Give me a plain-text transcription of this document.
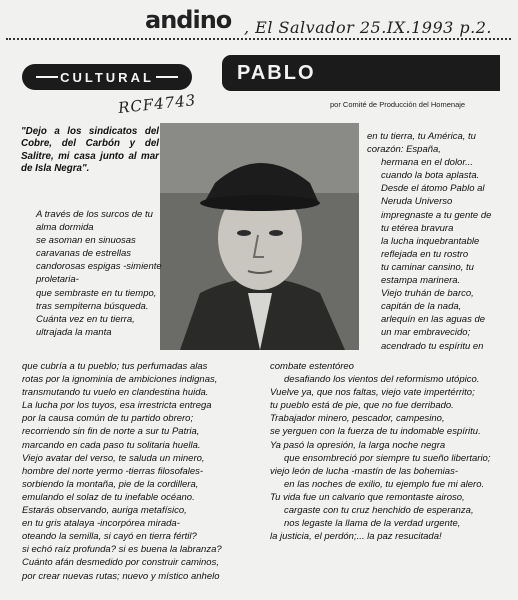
andino , El Salvador 25.IX.1993 p.2.
CULTURAL	PABLO
por Comité de Producción del Homenaje
RCF4743
"Dejo a los sindicatos del Cobre, del Carbón y del Salitre, mi casa junto al mar de Isla Negra".

A través de los surcos de tu alma dormida

se asoman en sinuosas caravanas de estrellas

candorosas espigas -simiente proletaria-

que sembraste en tu tiempo, tras sempiterna búsqueda.

Cuánta vez en tu tierra, ultrajada la manta

en tu tierra, tu América, tu corazón: España,

hermana en el dolor... cuando la bota aplasta.

Desde el átomo Pablo al Neruda Universo

impregnaste a tu gente de tu etérea bravura

la lucha inquebrantable reflejada en tu rostro

tu caminar cansino, tu estampa marinera.

Viejo truhán de barco, capitán de la nada,

arlequín en las aguas de un mar embravecido;

acendrado tu espíritu en

que cubría a tu pueblo; tus perfumadas alas

rotas por la ignominia de ambiciones indignas,

transmutando tu vuelo en clandestina huida.

La lucha por los tuyos, esa irrestricta entrega

por la causa común de tu partido obrero;

recorriendo sin fin de norte a sur tu Patria,

marcando en cada paso tu solitaria huella.

Viejo avatar del verso, te saluda un minero,

hombre del norte yermo -tierras filosofales-

sorbiendo la montaña, pie de la cordillera,

emulando el solaz de tu inefable océano.

Estarás observando, auriga metafísico,

en tu gris atalaya -incorpórea mirada-

oteando la semilla, si cayó en tierra fértil?

si echó raíz profunda? si es buena la labranza?

Cuánto afán desmedido por construir caminos,

por crear nuevas rutas; nuevo y místico anhelo

combate estentóreo

desafiando los vientos del reformismo utópico.

Vuelve ya, que nos faltas, viejo vate impertérrito;

tu pueblo está de pie, que no fue derribado.

Trabajador minero, pescador, campesino,

se yerguen con la fuerza de tu indomable espíritu.

Ya pasó la opresión, la larga noche negra

que ensombreció por siempre tu sueño libertario;

viejo león de lucha -mastín de las bohemias-

en las noches de exilio, tu ejemplo fue mi alero.

Tu vida fue un calvario que remontaste airoso,

cargaste con tu cruz henchido de esperanza,

nos legaste la llama de la verdad urgente,

la justicia, el perdón;... la paz resucitada!
